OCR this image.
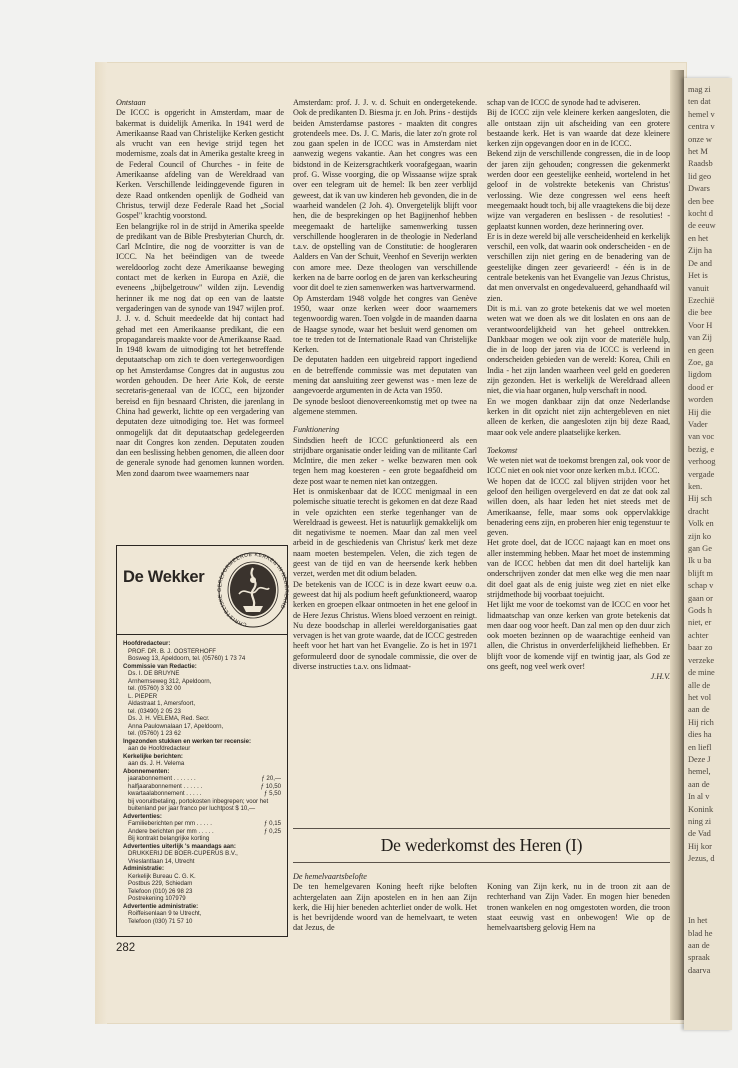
mag zi
ten dat
hemel v
centra v
onze w
het M
Raadsb
lid geo
Dwars
den bee
kocht d
de eeuw
en het
Zijn ha
De and
Het is
vanuit
Ezechië
die bee
Voor H
van Zij
en geen
Zoe, ga
ligdom
dood er
worden
Hij die
Vader
van voc
bezig, e
verhoog
vergade
ken.
Hij sch
dracht
Volk en
zijn ko
gan Ge
Ik u ba
blijft m
schap v
gaan or
Gods h
niet, er
achter
baar zo
verzeke
de mine
alle de
het vol
aan de
Hij rich
dies ha
en liefl
Deze J
hemel,
aan de
In al v
Konink
ning zi
de Vad
Hij kor
Jezus, d

In het
blad he
aan de
spraak
daarva

Ontstaan

De ICCC is opgericht in Amsterdam, maar de bakermat is duidelijk Amerika. In 1941 werd de Amerikaanse Raad van Christelijke Kerken gesticht als vrucht van een hevige strijd tegen het modernisme, zoals dat in Amerika gestalte kreeg in de Federal Council of Churches - in feite de Amerikaanse afdeling van de Wereldraad van Kerken. Verschillende leidinggevende figuren in deze Raad ontkenden openlijk de Godheid van Christus, terwijl deze Federale Raad het „Social Gospel" krachtig voorstond.

Een belangrijke rol in de strijd in Amerika speelde de predikant van de Bible Presbyterian Church, dr. Carl McIntire, die nog de voorzitter is van de ICCC. Na het beëindigen van de tweede wereldoorlog zocht deze Amerikaanse beweging contact met de kerken in Europa en Azië, die eveneens „bijbelgetrouw" wilden zijn. Levendig herinner ik me nog dat op een van de laatste vergaderingen van de synode van 1947 wijlen prof. J. J. v. d. Schuit meedeelde dat hij contact had gehad met een Amerikaanse predikant, die een propagandareis maakte voor de Amerikaanse Raad.

In 1948 kwam de uitnodiging tot het betreffende deputaatschap om zich te doen vertegenwoordigen op het Amsterdamse Congres dat in augustus zou worden gehouden. De heer Arie Kok, de eerste secretaris-generaal van de ICCC, een bijzonder bereisd en fijn besnaard Christen, die jarenlang in China had gewerkt, lichtte op een vergadering van deputaten deze uitnodiging toe. Het was formeel onmogelijk dat dit deputaatschap gedelegeerden naar dit Congres kon zenden. Deputaten zouden dan een beslissing hebben genomen, die alleen door de generale synode had genomen kunnen worden. Men zond daarom twee waarnemers naar

Amsterdam: prof. J. J. v. d. Schuit en ondergetekende. Ook de predikanten D. Biesma jr. en Joh. Prins - destijds beiden Amsterdamse pastores - maakten dit congres grotendeels mee. Ds. J. C. Maris, die later zo'n grote rol zou gaan spelen in de ICCC was in Amsterdam niet aanwezig wegens vakantie. Aan het congres was een bidstond in de Keizersgrachtkerk voorafgegaan, waarin prof. G. Wisse voorging, die op Wissaanse wijze sprak over een telegram uit de hemel: Ik ben zeer verblijd geweest, dat ik van uw kinderen heb gevonden, die in de waarheid wandelen (2 Joh. 4). Onvergetelijk blijft voor hen, die de besprekingen op het Bagijnenhof hebben meegemaakt de hartelijke samenwerking tussen verschillende hoogleraren in de theologie in Nederland t.a.v. de opstelling van de Constitutie: de hoogleraren Aalders en Van der Schuit, Veenhof en Severijn werkten con amore mee. Deze theologen van verschillende kerken na de barre oorlog en de jaren van kerkscheuring voor dit doel te zien samenwerken was hartverwarmend.

Op Amsterdam 1948 volgde het congres van Genève 1950, waar onze kerken weer door waarnemers tegenwoordig waren. Toen volgde in de maanden daarna de Haagse synode, waar het besluit werd genomen om toe te treden tot de Internationale Raad van Christelijke Kerken.

De deputaten hadden een uitgebreid rapport ingediend en de betreffende commissie was met deputaten van mening dat aansluiting zeer gewenst was - men leze de aangevoerde argumenten in de Acta van 1950.

De synode besloot dienovereenkomstig met op twee na algemene stemmen.

Funktionering

Sindsdien heeft de ICCC gefunktioneerd als een strijdbare organisatie onder leiding van de militante Carl McIntire, die men zeker - welke bezwaren men ook tegen hem mag koesteren - een grote begaafdheid om deze post waar te nemen niet kan ontzeggen.

Het is onmiskenbaar dat de ICCC menigmaal in een polemische situatie terecht is gekomen en dat deze Raad in vele opzichten een sterke tegenhanger van de Wereldraad is geweest. Het is natuurlijk gemakkelijk om dit negativisme te noemen. Maar dan zal men veel arbeid in de geschiedenis van Christus' kerk met deze naam moeten bestempelen. Velen, die zich tegen de geest van de tijd en van de heersende kerk hebben verzet, werden met dit odium beladen.

De betekenis van de ICCC is in deze kwart eeuw o.a. geweest dat hij als podium heeft gefunktioneerd, waarop kerken en groepen elkaar ontmoeten in het ene geloof in de Here Jezus Christus. Wiens bloed verzoent en reinigt. Nu deze boodschap in allerlei wereldorganisaties gaat vervagen is het van grote waarde, dat de ICCC gestreden heeft voor het hart van het Evangelie. Zo is het in 1971 geformuleerd door de synodale commissie, die over de diverse instructies t.a.v. ons lidmaat-

schap van de ICCC de synode had te adviseren.

Bij de ICCC zijn vele kleinere kerken aangesloten, die alle ontstaan zijn uit afscheiding van een grotere bestaande kerk. Het is van waarde dat deze kleinere kerken zijn opgevangen door en in de ICCC.

Bekend zijn de verschillende congressen, die in de loop der jaren zijn gehouden; congressen die gekenmerkt werden door een geestelijke eenheid, wortelend in het geloof in de volstrekte betekenis van Christus' verlossing. Wie deze congressen wel eens heeft meegemaakt houdt toch, bij alle vraagtekens die bij deze wijze van vergaderen en beslissen - de resoluties! - geplaatst kunnen worden, deze herinnering over.

Er is in deze wereld bij alle verscheidenheid en kerkelijk verschil, een volk, dat waarin ook onderscheiden - en de verschillen zijn niet gering en de benadering van de geestelijke dingen zeer gevarieerd! - één is in de centrale betekenis van het Evangelie van Jezus Christus, dat men onvervalst en ongedevalueerd, gehandhaafd wil zien.

Dit is m.i. van zo grote betekenis dat we wel moeten weten wat we doen als we dit loslaten en ons aan de verantwoordelijkheid van het geheel onttrekken. Dankbaar mogen we ook zijn voor de materiële hulp, die in de loop der jaren via de ICCC is verleend in onderscheiden gebieden van de wereld: Korea, Chili en India - het zijn landen waarheen veel geld en goederen zijn gezonden. Het is werkelijk de Wereldraad alleen niet, die via haar organen, hulp verschaft in nood.

En we mogen dankbaar zijn dat onze Nederlandse kerken in dit opzicht niet zijn achtergebleven en niet alleen de kerken, die aangesloten zijn bij deze Raad, maar ook vele andere plaatselijke kerken.

Toekomst

We weten niet wat de toekomst brengen zal, ook voor de ICCC niet en ook niet voor onze kerken m.b.t. ICCC.

We hopen dat de ICCC zal blijven strijden voor het geloof den heiligen overgeleverd en dat ze dat ook zal willen doen, als haar leden het niet steeds met de Amerikaanse, felle, maar soms ook oppervlakkige benadering eens zijn, en proberen hier enig tegenstuur te geven.

Het grote doel, dat de ICCC najaagt kan en moet ons aller instemming hebben. Maar het moet de instemming van de ICCC hebben dat men dit doel hartelijk kan onderschrijven zonder dat men elke weg die men naar dit doel gaat als de enig juiste weg ziet en niet elke strijdmethode bij voorbaat toejuicht.

Het lijkt me voor de toekomst van de ICCC en voor het lidmaatschap van onze kerken van grote betekenis dat men daar oog voor heeft. Dan zal men op den duur zich ook moeten bezinnen op de waarachtige eenheid van allen, die Christus in onverderfelijkheid liefhebben. Er blijft voor de komende vijf en twintig jaar, als God ze ons geeft, nog veel werk over!

J.H.V.

De Wekker
CHRISTELIJKE GEREFORMEERDE KERKEN IN NEDERLAND
Hoofdredacteur:
PROF. DR. B. J. OOSTERHOFF
Bosweg 13, Apeldoorn, tel. (05760) 1 73 74
Commissie van Redactie:
Ds. I. DE BRUYNE
Arnhemseweg 312, Apeldoorn,
tel. (05760) 3 32 00
L. PIEPER
Aldastraat 1, Amersfoort,
tel. (03490) 2 05 23
Ds. J. H. VELEMA, Red. Secr.
Anna Paulownalaan 17, Apeldoorn,
tel. (05760) 1 23 62
Ingezonden stukken en werken ter recensie:
aan de Hoofdredacteur
Kerkelijke berichten:
aan ds. J. H. Velema
Abonnementen:
jaarabonnement . . . . . . .	ƒ 20,—
halfjaarabonnement . . . . . .	ƒ 10,50
kwartaalabonnement . . . . .	ƒ 5,50
bij vooruitbetaling, portokosten inbegrepen; voor het buitenland per jaar franco per luchtpost $ 10,—
Advertenties:
Familieberichten per mm . . . . .	ƒ 0,15
Andere berichten per mm . . . . .	ƒ 0,25
Bij kontrakt belangrijke korting
Advertenties uiterlijk 's maandags aan:
DRUKKERIJ DE BOER-CUPERUS B.V.,
Vrieslantlaan 14, Utrecht
Administratie:
Kerkelijk Bureau C. G. K.
Postbus 229, Schiedam
Telefoon (010) 26 98 23
Postrekening 107979
Advertentie administratie:
Roiffeisenlaan 9 te Utrecht,
Telefoon (030) 71 57 10
De wederkomst des Heren (I)

De hemelvaartsbelofte

De ten hemelgevaren Koning heeft rijke beloften achtergelaten aan Zijn apostelen en in hen aan Zijn kerk, die Hij hier beneden achterliet onder de wolk. Het is het bevrijdende woord van de hemelvaart, te weten dat Jezus, de

Koning van Zijn kerk, nu in de troon zit aan de rechterhand van Zijn Vader. En mogen hier beneden tronen wankelen en nog omgestoten worden, die troon staat eeuwig vast en onbewogen! Wie op de hemelvaartsberg gelovig Hem na

282
